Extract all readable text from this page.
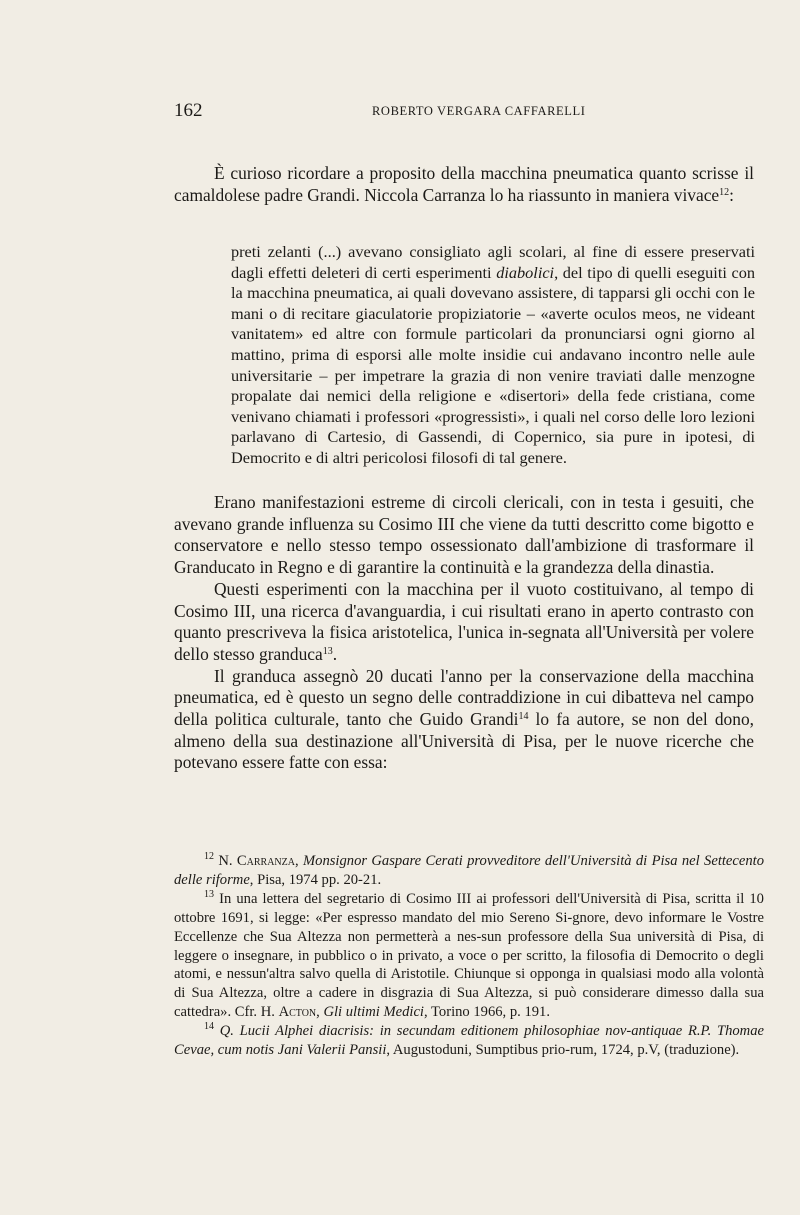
162	ROBERTO VERGARA CAFFARELLI

È curioso ricordare a proposito della macchina pneumatica quanto scrisse il camaldolese padre Grandi. Niccola Carranza lo ha riassunto in maniera vivace$^{12}$:

preti zelanti (...) avevano consigliato agli scolari, al fine di essere preservati dagli effetti deleteri di certi esperimenti diabolici, del tipo di quelli eseguiti con la macchina pneumatica, ai quali dovevano assistere, di tapparsi gli occhi con le mani o di recitare giaculatorie propiziatorie – «averte oculos meos, ne videant vanitatem» ed altre con formule particolari da pronunciarsi ogni giorno al mattino, prima di esporsi alle molte insidie cui andavano incontro nelle aule universitarie – per impetrare la grazia di non venire traviati dalle menzogne propalate dai nemici della religione e «disertori» della fede cristiana, come venivano chiamati i professori «progressisti», i quali nel corso delle loro lezioni parlavano di Cartesio, di Gassendi, di Copernico, sia pure in ipotesi, di Democrito e di altri pericolosi filosofi di tal genere.

Erano manifestazioni estreme di circoli clericali, con in testa i gesuiti, che avevano grande influenza su Cosimo III che viene da tutti descritto come bigotto e conservatore e nello stesso tempo ossessionato dall'ambizione di trasformare il Granducato in Regno e di garantire la continuità e la grandezza della dinastia.

Questi esperimenti con la macchina per il vuoto costituivano, al tempo di Cosimo III, una ricerca d'avanguardia, i cui risultati erano in aperto contrasto con quanto prescriveva la fisica aristotelica, l'unica in-segnata all'Università per volere dello stesso granduca$^{13}$.

Il granduca assegnò 20 ducati l'anno per la conservazione della macchina pneumatica, ed è questo un segno delle contraddizione in cui dibatteva nel campo della politica culturale, tanto che Guido Grandi$^{14}$ lo fa autore, se non del dono, almeno della sua destinazione all'Università di Pisa, per le nuove ricerche che potevano essere fatte con essa:

$^{12}$ N. Carranza, Monsignor Gaspare Cerati provveditore dell'Università di Pisa nel Settecento delle riforme, Pisa, 1974 pp. 20-21.

$^{13}$ In una lettera del segretario di Cosimo III ai professori dell'Università di Pisa, scritta il 10 ottobre 1691, si legge: «Per espresso mandato del mio Sereno Si-gnore, devo informare le Vostre Eccellenze che Sua Altezza non permetterà a nes-sun professore della Sua università di Pisa, di leggere o insegnare, in pubblico o in privato, a voce o per scritto, la filosofia di Democrito o degli atomi, e nessun'altra salvo quella di Aristotile. Chiunque si opponga in qualsiasi modo alla volontà di Sua Altezza, oltre a cadere in disgrazia di Sua Altezza, si può considerare dimesso dalla sua cattedra». Cfr. H. Acton, Gli ultimi Medici, Torino 1966, p. 191.

$^{14}$ Q. Lucii Alphei diacrisis: in secundam editionem philosophiae nov-antiquae R.P. Thomae Cevae, cum notis Jani Valerii Pansii, Augustoduni, Sumptibus prio-rum, 1724, p.V, (traduzione).
